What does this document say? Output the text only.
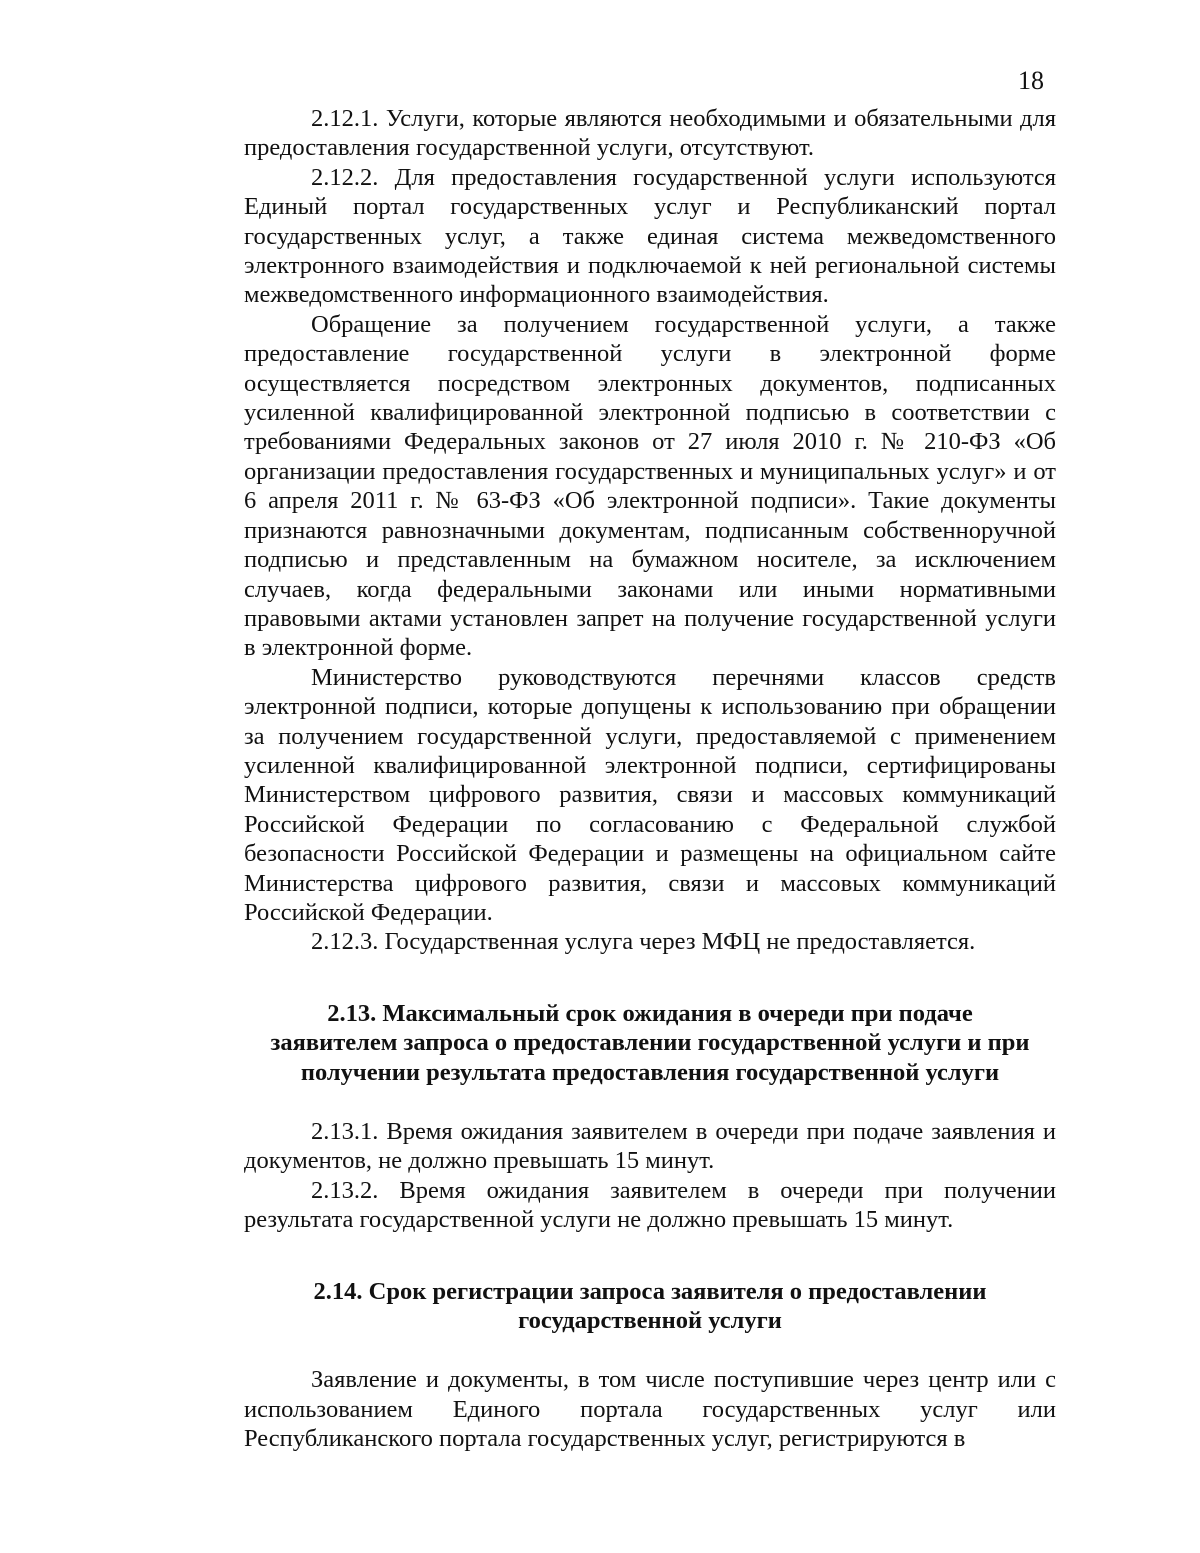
18

2.12.1. Услуги, которые являются необходимыми и обязательными для предоставления государственной услуги, отсутствуют.

2.12.2. Для предоставления государственной услуги используются Единый портал государственных услуг и Республиканский портал государственных услуг, а также единая система межведомственного электронного взаимодействия и подключаемой к ней региональной системы межведомственного информационного взаимодействия.

Обращение за получением государственной услуги, а также предоставление государственной услуги в электронной форме осуществляется посредством электронных документов, подписанных усиленной квалифицированной электронной подписью в соответствии с требованиями Федеральных законов от 27 июля 2010 г. № 210-ФЗ «Об организации предоставления государственных и муниципальных услуг» и от 6 апреля 2011 г. № 63-ФЗ «Об электронной подписи». Такие документы признаются равнозначными документам, подписанным собственноручной подписью и представленным на бумажном носителе, за исключением случаев, когда федеральными законами или иными нормативными правовыми актами установлен запрет на получение государственной услуги в электронной форме.

Министерство руководствуются перечнями классов средств электронной подписи, которые допущены к использованию при обращении за получением государственной услуги, предоставляемой с применением усиленной квалифицированной электронной подписи, сертифицированы Министерством цифрового развития, связи и массовых коммуникаций Российской Федерации по согласованию с Федеральной службой безопасности Российской Федерации и размещены на официальном сайте Министерства цифрового развития, связи и массовых коммуникаций Российской Федерации.

2.12.3. Государственная услуга через МФЦ не предоставляется.

2.13. Максимальный срок ожидания в очереди при подаче
заявителем запроса о предоставлении государственной услуги и при
получении результата предоставления государственной услуги

2.13.1. Время ожидания заявителем в очереди при подаче заявления и документов, не должно превышать 15 минут.

2.13.2. Время ожидания заявителем в очереди при получении результата государственной услуги не должно превышать 15 минут.

2.14. Срок регистрации запроса заявителя о предоставлении
государственной услуги

Заявление и документы, в том числе поступившие через центр или с использованием Единого портала государственных услуг или Республиканского портала государственных услуг, регистрируются в
